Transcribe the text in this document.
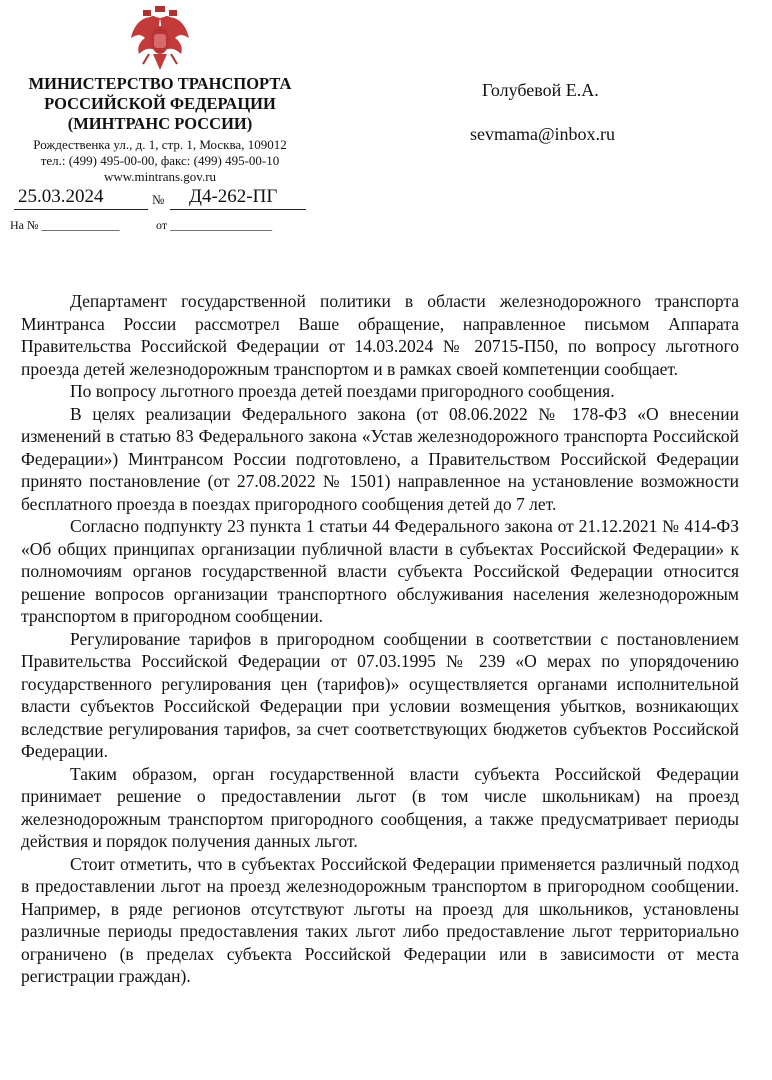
МИНИСТЕРСТВО ТРАНСПОРТА
РОССИЙСКОЙ ФЕДЕРАЦИИ
(МИНТРАНС РОССИИ)
Рождественка ул., д. 1, стр. 1, Москва, 109012
тел.: (499) 495-00-00, факс: (499) 495-00-10
www.mintrans.gov.ru
25.03.2024	№ Д4-262-ПГ
На № _____________	от _________________
Голубевой Е.А.
sevmama@inbox.ru

Департамент государственной политики в области железнодорожного транспорта Минтранса России рассмотрел Ваше обращение, направленное письмом Аппарата Правительства Российской Федерации от 14.03.2024 № 20715-П50, по вопросу льготного проезда детей железнодорожным транспортом и в рамках своей компетенции сообщает.

По вопросу льготного проезда детей поездами пригородного сообщения.

В целях реализации Федерального закона (от 08.06.2022 № 178-ФЗ «О внесении изменений в статью 83 Федерального закона «Устав железнодорожного транспорта Российской Федерации») Минтрансом России подготовлено, а Правительством Российской Федерации принято постановление (от 27.08.2022 № 1501) направленное на установление возможности бесплатного проезда в поездах пригородного сообщения детей до 7 лет.

Согласно подпункту 23 пункта 1 статьи 44 Федерального закона от 21.12.2021 № 414-ФЗ «Об общих принципах организации публичной власти в субъектах Российской Федерации» к полномочиям органов государственной власти субъекта Российской Федерации относится решение вопросов организации транспортного обслуживания населения железнодорожным транспортом в пригородном сообщении.

Регулирование тарифов в пригородном сообщении в соответствии с постановлением Правительства Российской Федерации от 07.03.1995 № 239 «О мерах по упорядочению государственного регулирования цен (тарифов)» осуществляется органами исполнительной власти субъектов Российской Федерации при условии возмещения убытков, возникающих вследствие регулирования тарифов, за счет соответствующих бюджетов субъектов Российской Федерации.

Таким образом, орган государственной власти субъекта Российской Федерации принимает решение о предоставлении льгот (в том числе школьникам) на проезд железнодорожным транспортом пригородного сообщения, а также предусматривает периоды действия и порядок получения данных льгот.

Стоит отметить, что в субъектах Российской Федерации применяется различный подход в предоставлении льгот на проезд железнодорожным транспортом в пригородном сообщении. Например, в ряде регионов отсутствуют льготы на проезд для школьников, установлены различные периоды предоставления таких льгот либо предоставление льгот территориально ограничено (в пределах субъекта Российской Федерации или в зависимости от места регистрации граждан).
